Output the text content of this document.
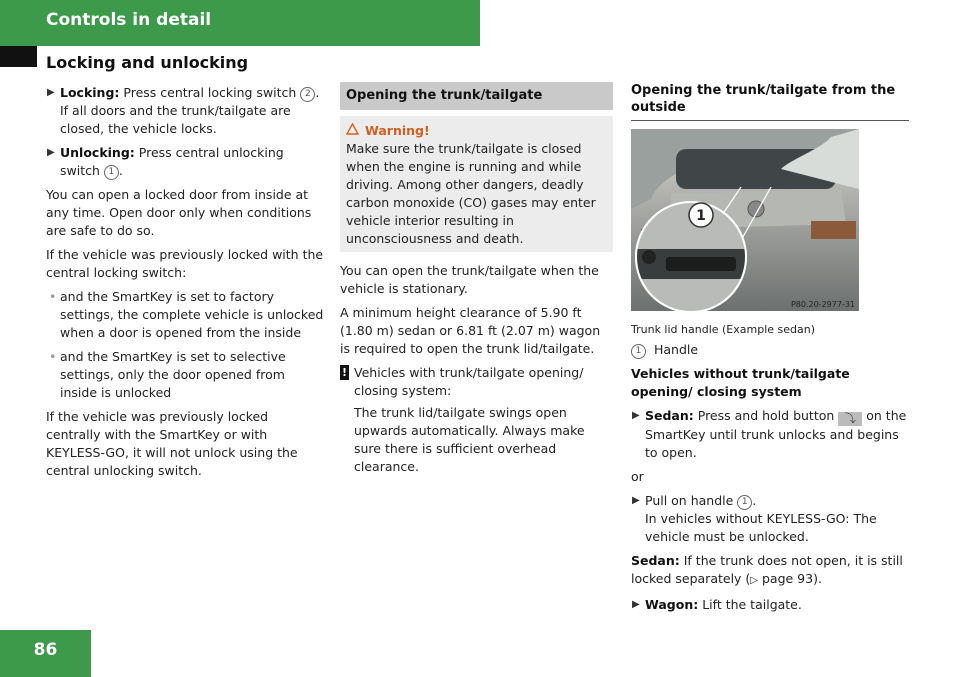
Controls in detail
Locking and unlocking
▶ Locking: Press central locking switch 2 .
If all doors and the trunk/tailgate are closed, the vehicle locks.
▶ Unlocking: Press central unlocking switch 1 .

You can open a locked door from inside at any time. Open door only when conditions are safe to do so.

If the vehicle was previously locked with the central locking switch:

• and the SmartKey is set to factory settings, the complete vehicle is unlocked when a door is opened from the inside
• and the SmartKey is set to selective settings, only the door opened from inside is unlocked

If the vehicle was previously locked centrally with the SmartKey or with KEYLESS-GO, it will not unlock using the central unlocking switch.

Opening the trunk/tailgate
Warning!
Make sure the trunk/tailgate is closed when the engine is running and while driving. Among other dangers, deadly carbon monoxide (CO) gases may enter vehicle interior resulting in unconsciousness and death.

You can open the trunk/tailgate when the vehicle is stationary.

A minimum height clearance of 5.90 ft (1.80 m) sedan or 6.81 ft (2.07 m) wagon is required to open the trunk lid/tailgate.

! Vehicles with trunk/tailgate opening/ closing system:
The trunk lid/tailgate swings open upwards automatically. Always make sure there is sufficient overhead clearance.
Opening the trunk/tailgate from the outside
1
P80.20-2977-31
Trunk lid handle (Example sedan)

1 Handle

Vehicles without trunk/tailgate opening/ closing system

▶ Sedan: Press and hold button ⤵ on the SmartKey until trunk unlocks and begins to open.

or

▶ Pull on handle 1 .
In vehicles without KEYLESS-GO: The vehicle must be unlocked.

Sedan: If the trunk does not open, it is still locked separately (▷ page 93).

▶ Wagon: Lift the tailgate.
86
